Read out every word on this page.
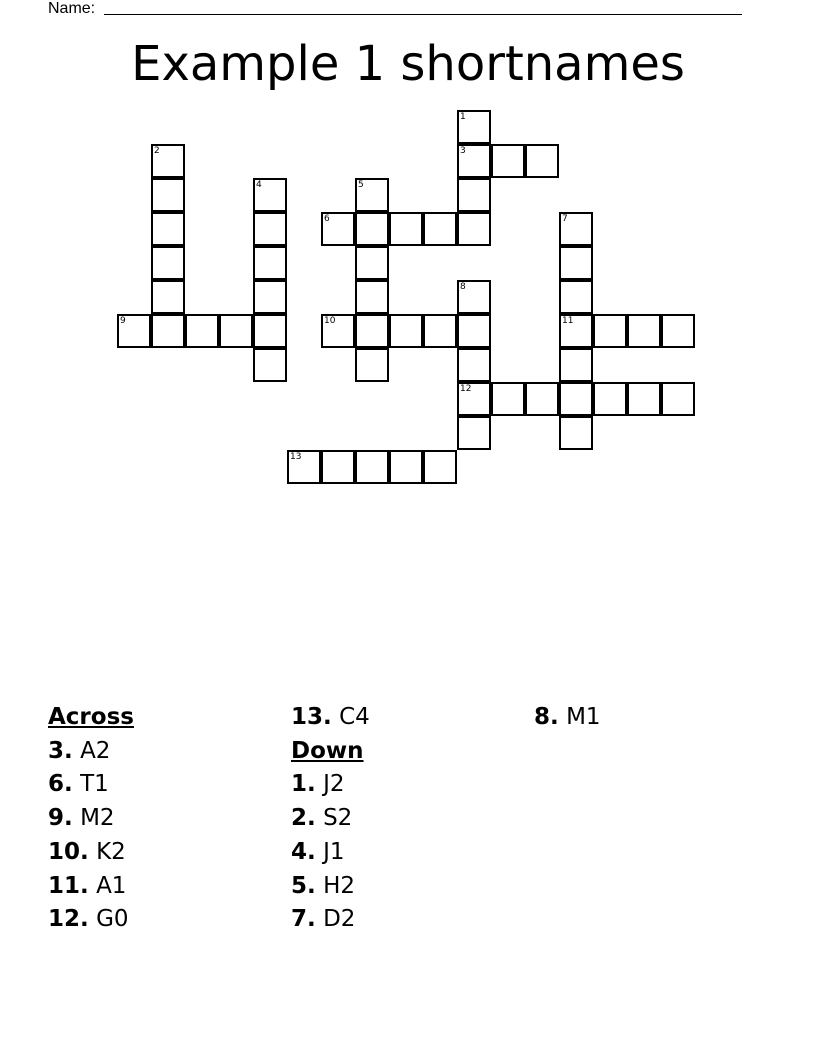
Name:
Example 1 shortnames
1
2	3
4	5
6	7
8
9	10	11
12
13
Across
3. A2
6. T1
9. M2
10. K2
11. A1
12. G0
13. C4
Down
1. J2
2. S2
4. J1
5. H2
7. D2
8. M1
